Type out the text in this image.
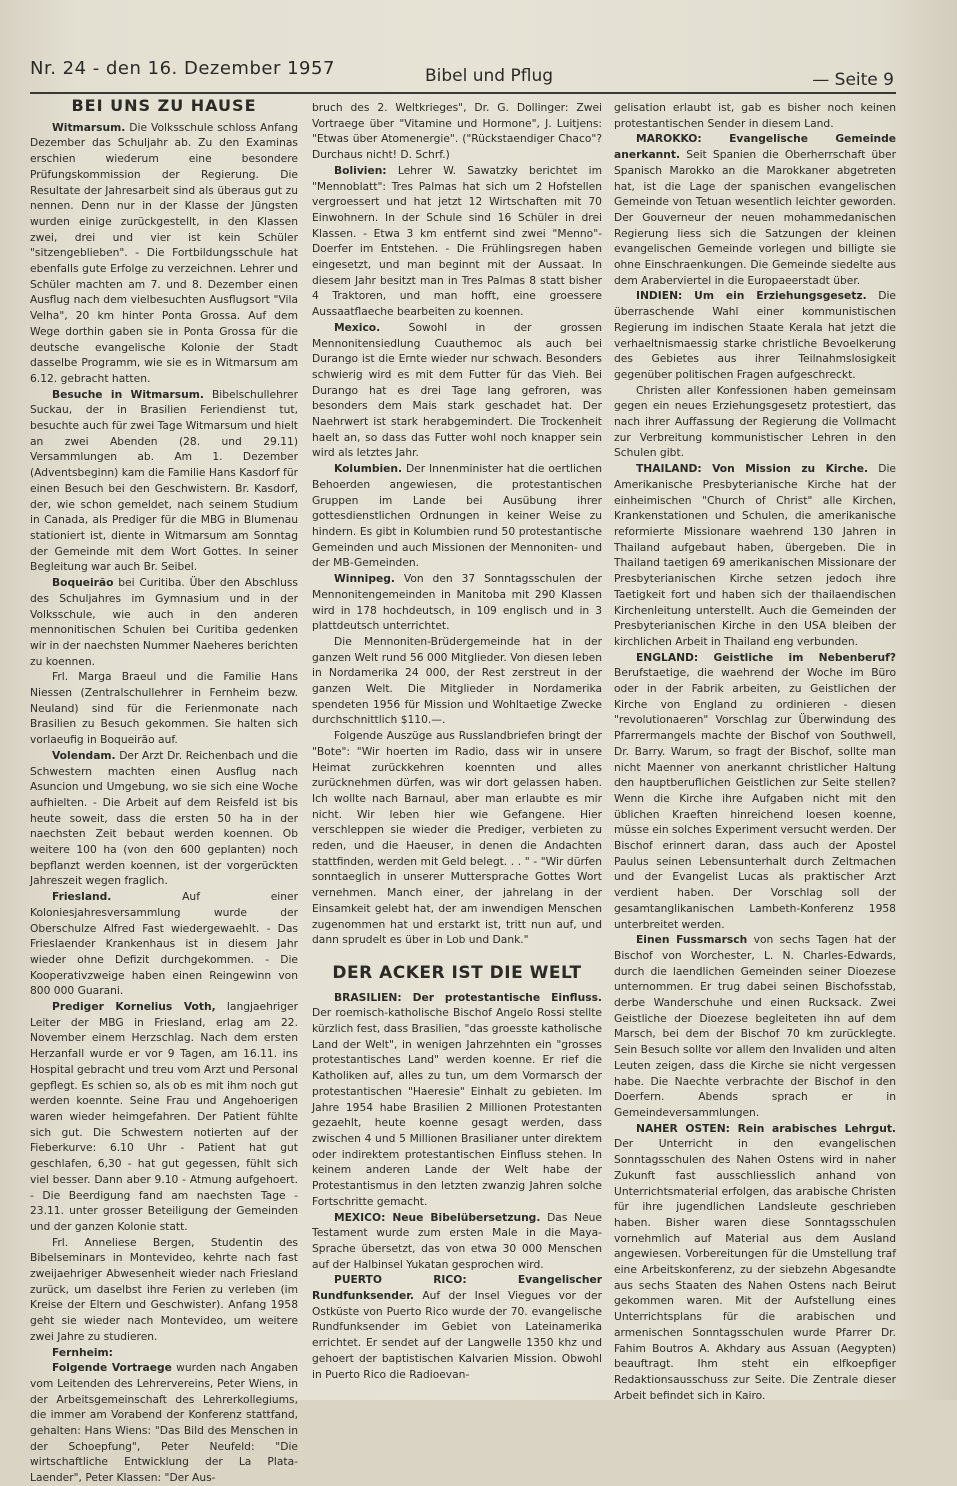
Nr. 24 - den 16. Dezember 1957	Bibel und Pflug	— Seite 9
BEI UNS ZU HAUSE

Witmarsum. Die Volksschule schloss Anfang Dezember das Schuljahr ab. Zu den Examinas erschien wiederum eine besondere Prüfungskommission der Regierung. Die Resultate der Jahresarbeit sind als überaus gut zu nennen. Denn nur in der Klasse der Jüngsten wurden einige zurückgestellt, in den Klassen zwei, drei und vier ist kein Schüler "sitzengeblieben". - Die Fortbildungsschule hat ebenfalls gute Erfolge zu verzeichnen. Lehrer und Schüler machten am 7. und 8. Dezember einen Ausflug nach dem vielbesuchten Ausflugsort "Vila Velha", 20 km hinter Ponta Grossa. Auf dem Wege dorthin gaben sie in Ponta Grossa für die deutsche evangelische Kolonie der Stadt dasselbe Programm, wie sie es in Witmarsum am 6.12. gebracht hatten.

Besuche in Witmarsum. Bibelschullehrer Suckau, der in Brasilien Feriendienst tut, besuchte auch für zwei Tage Witmarsum und hielt an zwei Abenden (28. und 29.11) Versammlungen ab. Am 1. Dezember (Adventsbeginn) kam die Familie Hans Kasdorf für einen Besuch bei den Geschwistern. Br. Kasdorf, der, wie schon gemeldet, nach seinem Studium in Canada, als Prediger für die MBG in Blumenau stationiert ist, diente in Witmarsum am Sonntag der Gemeinde mit dem Wort Gottes. In seiner Begleitung war auch Br. Seibel.

Boqueirão bei Curitiba. Über den Abschluss des Schuljahres im Gymnasium und in der Volksschule, wie auch in den anderen mennonitischen Schulen bei Curitiba gedenken wir in der naechsten Nummer Naeheres berichten zu koennen.

Frl. Marga Braeul und die Familie Hans Niessen (Zentralschullehrer in Fernheim bezw. Neuland) sind für die Ferienmonate nach Brasilien zu Besuch gekommen. Sie halten sich vorlaeufig in Boqueirão auf.

Volendam. Der Arzt Dr. Reichenbach und die Schwestern machten einen Ausflug nach Asuncion und Umgebung, wo sie sich eine Woche aufhielten. - Die Arbeit auf dem Reisfeld ist bis heute soweit, dass die ersten 50 ha in der naechsten Zeit bebaut werden koennen. Ob weitere 100 ha (von den 600 geplanten) noch bepflanzt werden koennen, ist der vorgerückten Jahreszeit wegen fraglich.

Friesland. Auf einer Koloniesjahresversammlung wurde der Oberschulze Alfred Fast wiedergewaehlt. - Das Frieslaender Krankenhaus ist in diesem Jahr wieder ohne Defizit durchgekommen. - Die Kooperativzweige haben einen Reingewinn von 800 000 Guarani.

Prediger Kornelius Voth, langjaehriger Leiter der MBG in Friesland, erlag am 22. November einem Herzschlag. Nach dem ersten Herzanfall wurde er vor 9 Tagen, am 16.11. ins Hospital gebracht und treu vom Arzt und Personal gepflegt. Es schien so, als ob es mit ihm noch gut werden koennte. Seine Frau und Angehoerigen waren wieder heimgefahren. Der Patient fühlte sich gut. Die Schwestern notierten auf der Fieberkurve: 6.10 Uhr - Patient hat gut geschlafen, 6,30 - hat gut gegessen, fühlt sich viel besser. Dann aber 9.10 - Atmung aufgehoert. - Die Beerdigung fand am naechsten Tage - 23.11. unter grosser Beteiligung der Gemeinden und der ganzen Kolonie statt.

Frl. Anneliese Bergen, Studentin des Bibelseminars in Montevideo, kehrte nach fast zweijaehriger Abwesenheit wieder nach Friesland zurück, um daselbst ihre Ferien zu verleben (im Kreise der Eltern und Geschwister). Anfang 1958 geht sie wieder nach Montevideo, um weitere zwei Jahre zu studieren.

Fernheim:

Folgende Vortraege wurden nach Angaben vom Leitenden des Lehrervereins, Peter Wiens, in der Arbeitsgemeinschaft des Lehrerkollegiums, die immer am Vorabend der Konferenz stattfand, gehalten: Hans Wiens: "Das Bild des Menschen in der Schoepfung", Peter Neufeld: "Die wirtschaftliche Entwicklung der La Plata-Laender", Peter Klassen: "Der Aus-

bruch des 2. Weltkrieges", Dr. G. Dollinger: Zwei Vortraege über "Vitamine und Hormone", J. Luitjens: "Etwas über Atomenergie". ("Rückstaendiger Chaco"? Durchaus nicht! D. Schrf.)

Bolivien: Lehrer W. Sawatzky berichtet im "Mennoblatt": Tres Palmas hat sich um 2 Hofstellen vergroessert und hat jetzt 12 Wirtschaften mit 70 Einwohnern. In der Schule sind 16 Schüler in drei Klassen. - Etwa 3 km entfernt sind zwei "Menno"-Doerfer im Entstehen. - Die Frühlingsregen haben eingesetzt, und man beginnt mit der Aussaat. In diesem Jahr besitzt man in Tres Palmas 8 statt bisher 4 Traktoren, und man hofft, eine groessere Aussaatflaeche bearbeiten zu koennen.

Mexico. Sowohl in der grossen Mennonitensiedlung Cuauthemoc als auch bei Durango ist die Ernte wieder nur schwach. Besonders schwierig wird es mit dem Futter für das Vieh. Bei Durango hat es drei Tage lang gefroren, was besonders dem Mais stark geschadet hat. Der Naehrwert ist stark herabgemindert. Die Trockenheit haelt an, so dass das Futter wohl noch knapper sein wird als letztes Jahr.

Kolumbien. Der Innenminister hat die oertlichen Behoerden angewiesen, die protestantischen Gruppen im Lande bei Ausübung ihrer gottesdienstlichen Ordnungen in keiner Weise zu hindern. Es gibt in Kolumbien rund 50 protestantische Gemeinden und auch Missionen der Mennoniten- und der MB-Gemeinden.

Winnipeg. Von den 37 Sonntagsschulen der Mennonitengemeinden in Manitoba mit 290 Klassen wird in 178 hochdeutsch, in 109 englisch und in 3 plattdeutsch unterrichtet.

Die Mennoniten-Brüdergemeinde hat in der ganzen Welt rund 56 000 Mitglieder. Von diesen leben in Nordamerika 24 000, der Rest zerstreut in der ganzen Welt. Die Mitglieder in Nordamerika spendeten 1956 für Mission und Wohltaetige Zwecke durchschnittlich $110.—.

Folgende Auszüge aus Russlandbriefen bringt der "Bote": "Wir hoerten im Radio, dass wir in unsere Heimat zurückkehren koennten und alles zurücknehmen dürfen, was wir dort gelassen haben. Ich wollte nach Barnaul, aber man erlaubte es mir nicht. Wir leben hier wie Gefangene. Hier verschleppen sie wieder die Prediger, verbieten zu reden, und die Haeuser, in denen die Andachten stattfinden, werden mit Geld belegt. . . " - "Wir dürfen sonntaeglich in unserer Muttersprache Gottes Wort vernehmen. Manch einer, der jahrelang in der Einsamkeit gelebt hat, der am inwendigen Menschen zugenommen hat und erstarkt ist, tritt nun auf, und dann sprudelt es über in Lob und Dank."

DER ACKER IST DIE WELT

BRASILIEN: Der protestantische Einfluss. Der roemisch-katholische Bischof Angelo Rossi stellte kürzlich fest, dass Brasilien, "das groesste katholische Land der Welt", in wenigen Jahrzehnten ein "grosses protestantisches Land" werden koenne. Er rief die Katholiken auf, alles zu tun, um dem Vormarsch der protestantischen "Haeresie" Einhalt zu gebieten. Im Jahre 1954 habe Brasilien 2 Millionen Protestanten gezaehlt, heute koenne gesagt werden, dass zwischen 4 und 5 Millionen Brasilianer unter direktem oder indirektem protestantischen Einfluss stehen. In keinem anderen Lande der Welt habe der Protestantismus in den letzten zwanzig Jahren solche Fortschritte gemacht.

MEXICO: Neue Bibelübersetzung. Das Neue Testament wurde zum ersten Male in die Maya-Sprache übersetzt, das von etwa 30 000 Menschen auf der Halbinsel Yukatan gesprochen wird.

PUERTO RICO: Evangelischer Rundfunksender. Auf der Insel Viegues vor der Ostküste von Puerto Rico wurde der 70. evangelische Rundfunksender im Gebiet von Lateinamerika errichtet. Er sendet auf der Langwelle 1350 khz und gehoert der baptistischen Kalvarien Mission. Obwohl in Puerto Rico die Radioevan-

gelisation erlaubt ist, gab es bisher noch keinen protestantischen Sender in diesem Land.

MAROKKO: Evangelische Gemeinde anerkannt. Seit Spanien die Oberherrschaft über Spanisch Marokko an die Marokkaner abgetreten hat, ist die Lage der spanischen evangelischen Gemeinde von Tetuan wesentlich leichter geworden. Der Gouverneur der neuen mohammedanischen Regierung liess sich die Satzungen der kleinen evangelischen Gemeinde vorlegen und billigte sie ohne Einschraenkungen. Die Gemeinde siedelte aus dem Araberviertel in die Europaeerstadt über.

INDIEN: Um ein Erziehungsgesetz. Die überraschende Wahl einer kommunistischen Regierung im indischen Staate Kerala hat jetzt die verhaeltnismaessig starke christliche Bevoelkerung des Gebietes aus ihrer Teilnahmslosigkeit gegenüber politischen Fragen aufgeschreckt.

Christen aller Konfessionen haben gemeinsam gegen ein neues Erziehungsgesetz protestiert, das nach ihrer Auffassung der Regierung die Vollmacht zur Verbreitung kommunistischer Lehren in den Schulen gibt.

THAILAND: Von Mission zu Kirche. Die Amerikanische Presbyterianische Kirche hat der einheimischen "Church of Christ" alle Kirchen, Krankenstationen und Schulen, die amerikanische reformierte Missionare waehrend 130 Jahren in Thailand aufgebaut haben, übergeben. Die in Thailand taetigen 69 amerikanischen Missionare der Presbyterianischen Kirche setzen jedoch ihre Taetigkeit fort und haben sich der thailaendischen Kirchenleitung unterstellt. Auch die Gemeinden der Presbyterianischen Kirche in den USA bleiben der kirchlichen Arbeit in Thailand eng verbunden.

ENGLAND: Geistliche im Nebenberuf? Berufstaetige, die waehrend der Woche im Büro oder in der Fabrik arbeiten, zu Geistlichen der Kirche von England zu ordinieren - diesen "revolutionaeren" Vorschlag zur Überwindung des Pfarrermangels machte der Bischof von Southwell, Dr. Barry. Warum, so fragt der Bischof, sollte man nicht Maenner von anerkannt christlicher Haltung den hauptberuflichen Geistlichen zur Seite stellen? Wenn die Kirche ihre Aufgaben nicht mit den üblichen Kraeften hinreichend loesen koenne, müsse ein solches Experiment versucht werden. Der Bischof erinnert daran, dass auch der Apostel Paulus seinen Lebensunterhalt durch Zeltmachen und der Evangelist Lucas als praktischer Arzt verdient haben. Der Vorschlag soll der gesamtanglikanischen Lambeth-Konferenz 1958 unterbreitet werden.

Einen Fussmarsch von sechs Tagen hat der Bischof von Worchester, L. N. Charles-Edwards, durch die laendlichen Gemeinden seiner Dioezese unternommen. Er trug dabei seinen Bischofsstab, derbe Wanderschuhe und einen Rucksack. Zwei Geistliche der Dioezese begleiteten ihn auf dem Marsch, bei dem der Bischof 70 km zurücklegte. Sein Besuch sollte vor allem den Invaliden und alten Leuten zeigen, dass die Kirche sie nicht vergessen habe. Die Naechte verbrachte der Bischof in den Doerfern. Abends sprach er in Gemeindeversammlungen.

NAHER OSTEN: Rein arabisches Lehrgut. Der Unterricht in den evangelischen Sonntagsschulen des Nahen Ostens wird in naher Zukunft fast ausschliesslich anhand von Unterrichtsmaterial erfolgen, das arabische Christen für ihre jugendlichen Landsleute geschrieben haben. Bisher waren diese Sonntagsschulen vornehmlich auf Material aus dem Ausland angewiesen. Vorbereitungen für die Umstellung traf eine Arbeitskonferenz, zu der siebzehn Abgesandte aus sechs Staaten des Nahen Ostens nach Beirut gekommen waren. Mit der Aufstellung eines Unterrichtsplans für die arabischen und armenischen Sonntagsschulen wurde Pfarrer Dr. Fahim Boutros A. Akhdary aus Assuan (Aegypten) beauftragt. Ihm steht ein elfkoepfiger Redaktionsausschuss zur Seite. Die Zentrale dieser Arbeit befindet sich in Kairo.
